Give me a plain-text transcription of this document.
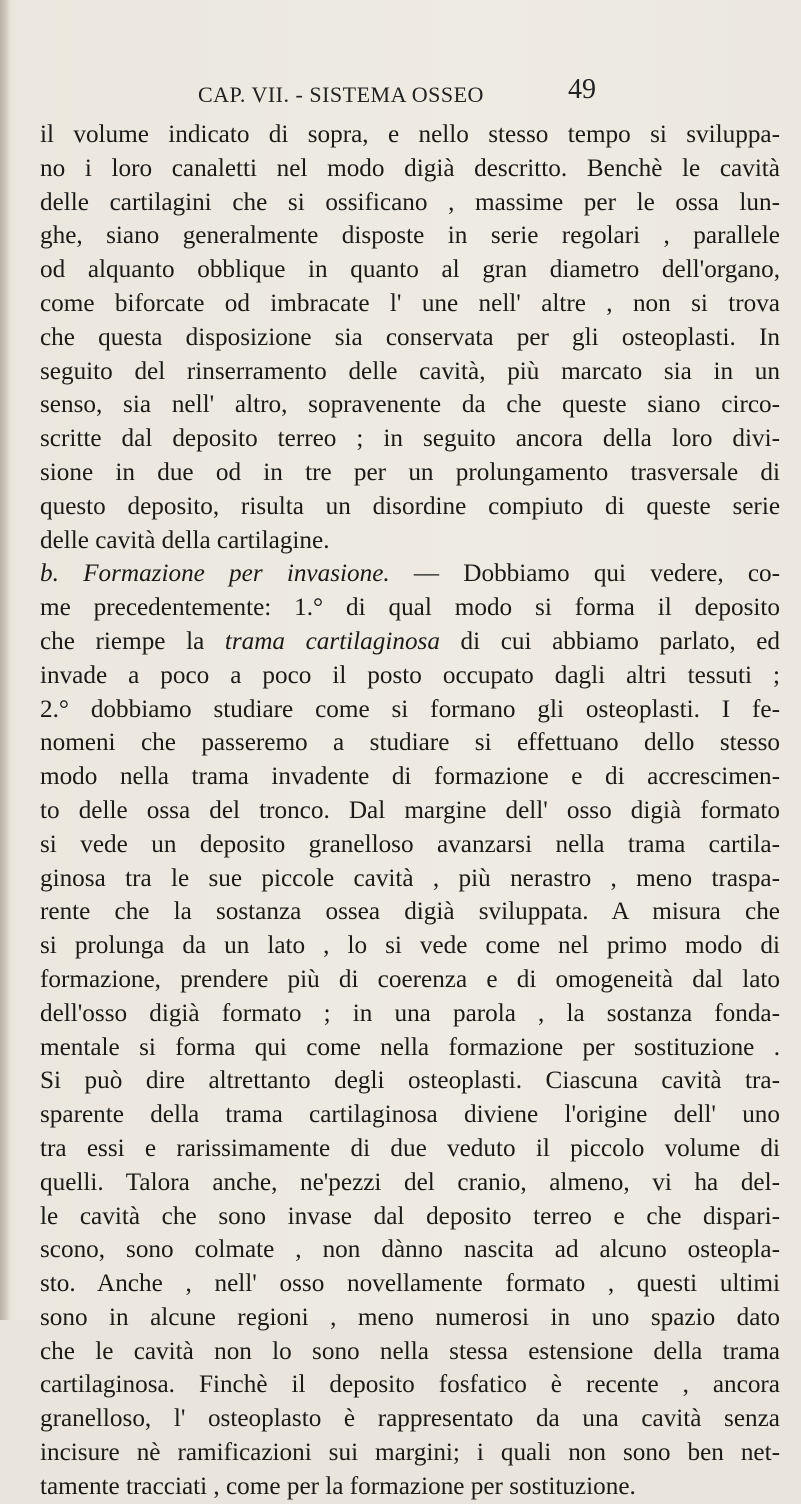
CAP. VII. - SISTEMA OSSEO	49
il volume indicato di sopra, e nello stesso tempo si sviluppa-
no i loro canaletti nel modo digià descritto. Benchè le cavità
delle cartilagini che si ossificano , massime per le ossa lun-
ghe, siano generalmente disposte in serie regolari , parallele
od alquanto obblique in quanto al gran diametro dell'organo,
come biforcate od imbracate l' une nell' altre , non si trova
che questa disposizione sia conservata per gli osteoplasti. In
seguito del rinserramento delle cavità, più marcato sia in un
senso, sia nell' altro, sopravenente da che queste siano circo-
scritte dal deposito terreo ; in seguito ancora della loro divi-
sione in due od in tre per un prolungamento trasversale di
questo deposito, risulta un disordine compiuto di queste serie
delle cavità della cartilagine.
b. Formazione per invasione. — Dobbiamo qui vedere, co-
me precedentemente: 1.° di qual modo si forma il deposito
che riempe la trama cartilaginosa di cui abbiamo parlato, ed
invade a poco a poco il posto occupato dagli altri tessuti ;
2.° dobbiamo studiare come si formano gli osteoplasti. I fe-
nomeni che passeremo a studiare si effettuano dello stesso
modo nella trama invadente di formazione e di accrescimen-
to delle ossa del tronco. Dal margine dell' osso digià formato
si vede un deposito granelloso avanzarsi nella trama cartila-
ginosa tra le sue piccole cavità , più nerastro , meno traspa-
rente che la sostanza ossea digià sviluppata. A misura che
si prolunga da un lato , lo si vede come nel primo modo di
formazione, prendere più di coerenza e di omogeneità dal lato
dell'osso digià formato ; in una parola , la sostanza fonda-
mentale si forma qui come nella formazione per sostituzione .
Si può dire altrettanto degli osteoplasti. Ciascuna cavità tra-
sparente della trama cartilaginosa diviene l'origine dell' uno
tra essi e rarissimamente di due veduto il piccolo volume di
quelli. Talora anche, ne'pezzi del cranio, almeno, vi ha del-
le cavità che sono invase dal deposito terreo e che dispari-
scono, sono colmate , non dànno nascita ad alcuno osteopla-
sto. Anche , nell' osso novellamente formato , questi ultimi
sono in alcune regioni , meno numerosi in uno spazio dato
che le cavità non lo sono nella stessa estensione della trama
cartilaginosa. Finchè il deposito fosfatico è recente , ancora
granelloso, l' osteoplasto è rappresentato da una cavità senza
incisure nè ramificazioni sui margini; i quali non sono ben net-
tamente tracciati , come per la formazione per sostituzione.
